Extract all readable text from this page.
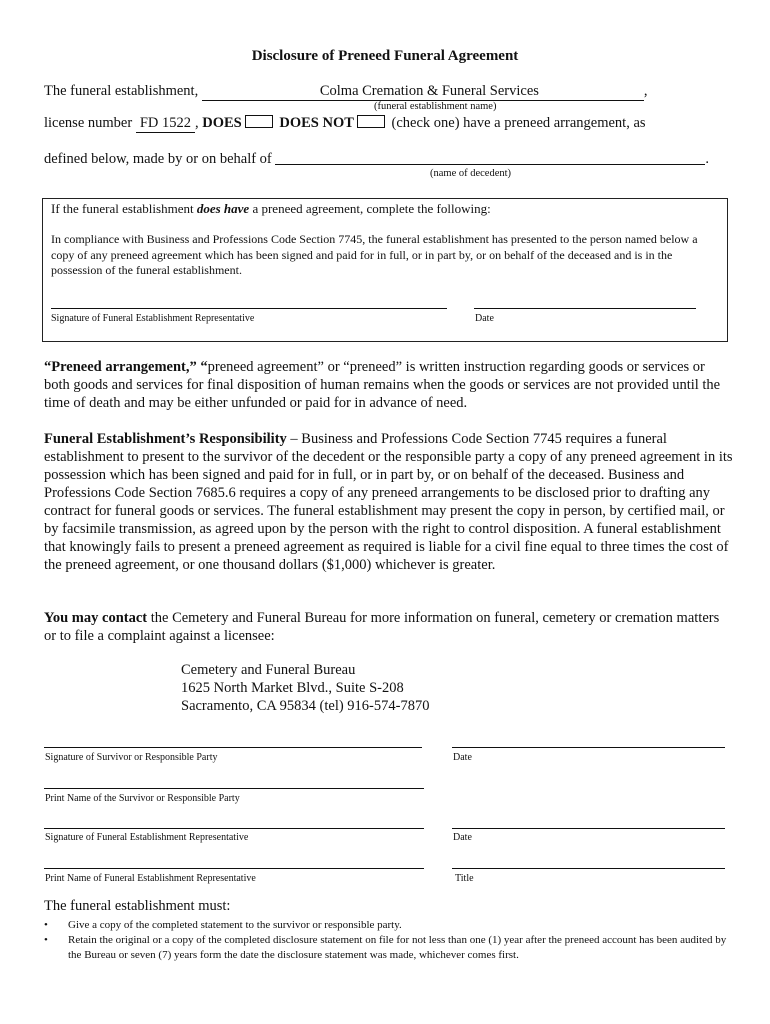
Disclosure of Preneed Funeral Agreement
The funeral establishment,	Colma Cremation & Funeral Services	,
(funeral establishment name)
license number FD 1522 , DOES	DOES NOT	(check one) have a preneed arrangement, as
defined below, made by or on behalf of	.
(name of decedent)
If the funeral establishment does have a preneed agreement, complete the following:
In compliance with Business and Professions Code Section 7745, the funeral establishment has presented to the person named below a copy of any preneed agreement which has been signed and paid for in full, or in part by, or on behalf of the deceased and is in the possession of the funeral establishment.
Signature of Funeral Establishment Representative	Date
“Preneed arrangement,” “preneed agreement” or “preneed” is written instruction regarding goods or services or both goods and services for final disposition of human remains when the goods or services are not provided until the time of death and may be either unfunded or paid for in advance of need.
Funeral Establishment’s Responsibility – Business and Professions Code Section 7745 requires a funeral establishment to present to the survivor of the decedent or the responsible party a copy of any preneed agreement in its possession which has been signed and paid for in full, or in part by, or on behalf of the deceased. Business and Professions Code Section 7685.6 requires a copy of any preneed arrangements to be disclosed prior to drafting any contract for funeral goods or services. The funeral establishment may present the copy in person, by certified mail, or by facsimile transmission, as agreed upon by the person with the right to control disposition. A funeral establishment that knowingly fails to present a preneed agreement as required is liable for a civil fine equal to three times the cost of the preneed agreement, or one thousand dollars ($1,000) whichever is greater.
You may contact the Cemetery and Funeral Bureau for more information on funeral, cemetery or cremation matters or to file a complaint against a licensee:
Cemetery and Funeral Bureau
1625 North Market Blvd., Suite S-208
Sacramento, CA 95834 (tel) 916-574-7870
Signature of Survivor or Responsible Party	Date
Print Name of the Survivor or Responsible Party
Signature of Funeral Establishment Representative	Date
Print Name of Funeral Establishment Representative	Title
The funeral establishment must:
•	Give a copy of the completed statement to the survivor or responsible party.
•	Retain the original or a copy of the completed disclosure statement on file for not less than one (1) year after the preneed account has been audited by the Bureau or seven (7) years form the date the disclosure statement was made, whichever comes first.
